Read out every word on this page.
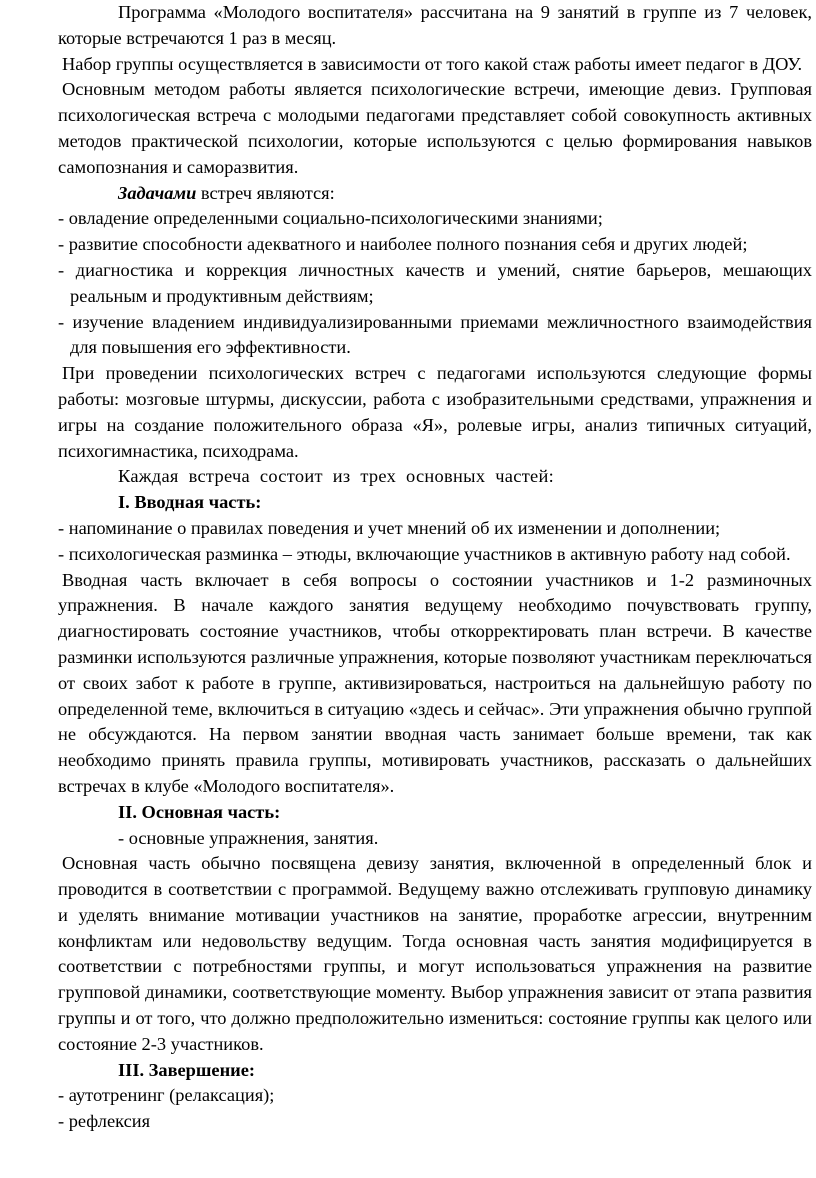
Программа «Молодого воспитателя» рассчитана на 9 занятий в группе из 7 человек, которые встречаются 1 раз в месяц.

Набор группы осуществляется в зависимости от того какой стаж работы имеет педагог в ДОУ.

Основным методом работы является психологические встречи, имеющие девиз. Групповая психологическая встреча с молодыми педагогами представляет собой совокупность активных методов практической психологии, которые используются с целью формирования навыков самопознания и саморазвития.

Задачами встреч являются:

- овладение определенными социально-психологическими знаниями;

- развитие способности адекватного и наиболее полного познания себя и других людей;

- диагностика и коррекция личностных качеств и умений, снятие барьеров, мешающих реальным и продуктивным действиям;

- изучение владением индивидуализированными приемами межличностного взаимодействия для повышения его эффективности.

При проведении психологических встреч с педагогами используются следующие формы работы: мозговые штурмы, дискуссии, работа с изобразительными средствами, упражнения и игры на создание положительного образа «Я», ролевые игры, анализ типичных ситуаций, психогимнастика, психодрама.

Каждая встреча состоит из трех основных частей:

I. Вводная часть:

- напоминание о правилах поведения и учет мнений об их изменении и дополнении;

- психологическая разминка – этюды, включающие участников в активную работу над собой.

Вводная часть включает в себя вопросы о состоянии участников и 1-2 разминочных упражнения. В начале каждого занятия ведущему необходимо почувствовать группу, диагностировать состояние участников, чтобы откорректировать план встречи. В качестве разминки используются различные упражнения, которые позволяют участникам переключаться от своих забот к работе в группе, активизироваться, настроиться на дальнейшую работу по определенной теме, включиться в ситуацию «здесь и сейчас». Эти упражнения обычно группой не обсуждаются. На первом занятии вводная часть занимает больше времени, так как необходимо принять правила группы, мотивировать участников, рассказать о дальнейших встречах в клубе «Молодого воспитателя».

II. Основная часть:

- основные упражнения, занятия.

Основная часть обычно посвящена девизу занятия, включенной в определенный блок и проводится в соответствии с программой. Ведущему важно отслеживать групповую динамику и уделять внимание мотивации участников на занятие, проработке агрессии, внутренним конфликтам или недовольству ведущим. Тогда основная часть занятия модифицируется в соответствии с потребностями группы, и могут использоваться упражнения на развитие групповой динамики, соответствующие моменту. Выбор упражнения зависит от этапа развития группы и от того, что должно предположительно измениться: состояние группы как целого или состояние 2-3 участников.

III. Завершение:

- аутотренинг (релаксация);

- рефлексия
